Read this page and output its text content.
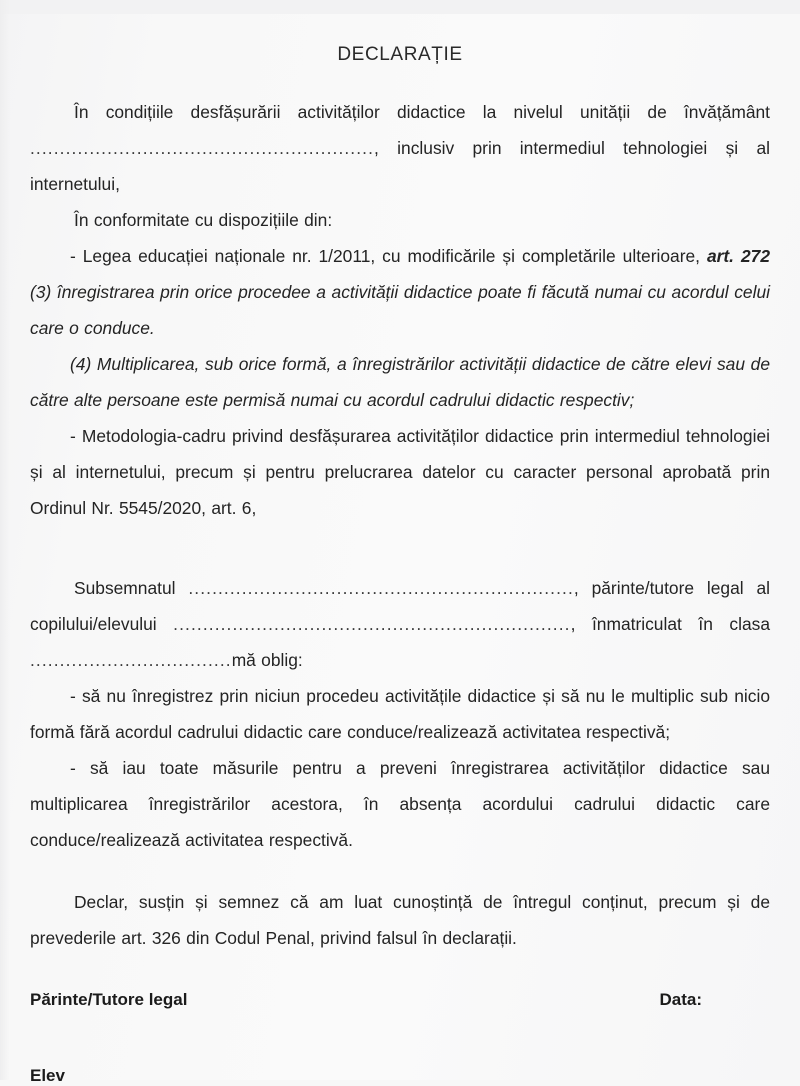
DECLARAȚIE

În condițiile desfășurării activităților didactice la nivelul unității de învățământ .........................................................., inclusiv prin intermediul tehnologiei și al internetului,

În conformitate cu dispozițiile din:

- Legea educației naționale nr. 1/2011, cu modificările și completările ulterioare, art. 272 (3) înregistrarea prin orice procedee a activității didactice poate fi făcută numai cu acordul celui care o conduce.

(4) Multiplicarea, sub orice formă, a înregistrărilor activității didactice de către elevi sau de către alte persoane este permisă numai cu acordul cadrului didactic respectiv;

- Metodologia-cadru privind desfășurarea activităților didactice prin intermediul tehnologiei și al internetului, precum și pentru prelucrarea datelor cu caracter personal aprobată prin Ordinul Nr. 5545/2020, art. 6,

Subsemnatul ................................................................., părinte/tutore legal al copilului/elevului ..................................................................., înmatriculat în clasa ..................................mă oblig:

- să nu înregistrez prin niciun procedeu activitățile didactice și să nu le multiplic sub nicio formă fără acordul cadrului didactic care conduce/realizează activitatea respectivă;

- să iau toate măsurile pentru a preveni înregistrarea activităților didactice sau multiplicarea înregistrărilor acestora, în absența acordului cadrului didactic care conduce/realizează activitatea respectivă.

Declar, susțin și semnez că am luat cunoștință de întregul conținut, precum și de prevederile art. 326 din Codul Penal, privind falsul în declarații.

Părinte/Tutore legal	Data:
Elev
